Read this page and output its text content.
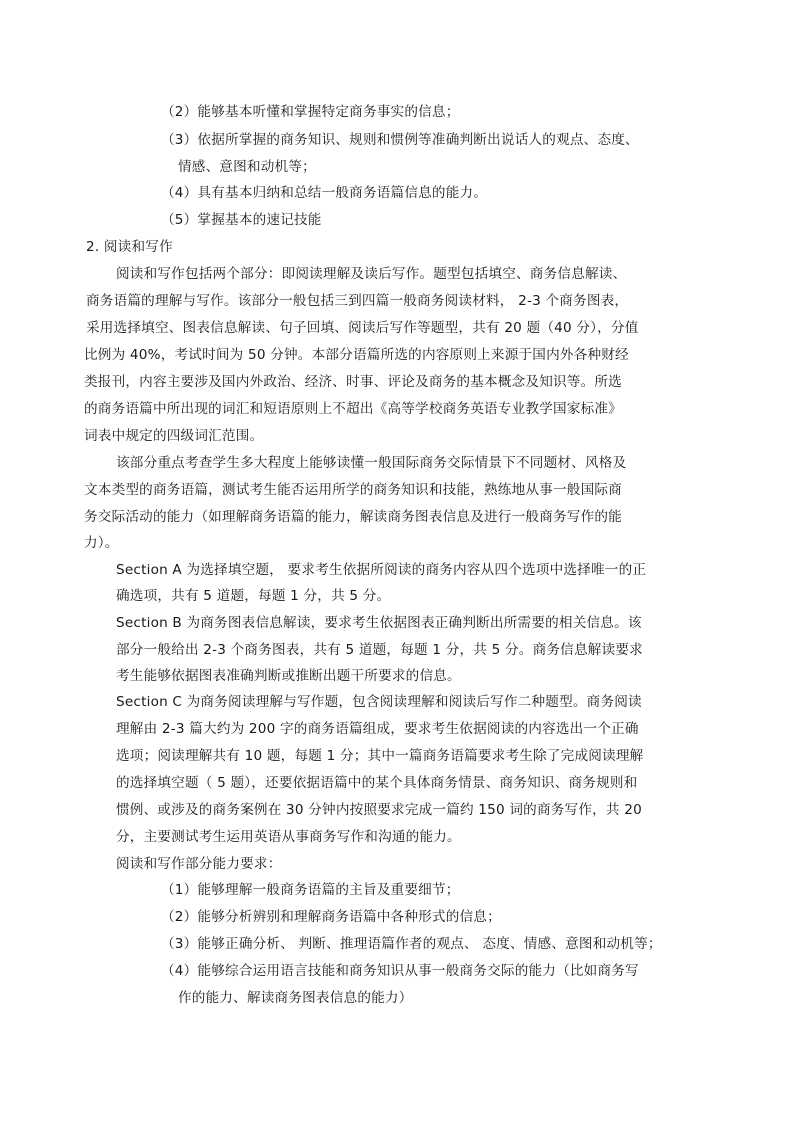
（2）能够基本听懂和掌握特定商务事实的信息；
（3）依据所掌握的商务知识、规则和惯例等准确判断出说话人的观点、态度、
情感、意图和动机等；
（4）具有基本归纳和总结一般商务语篇信息的能力。
（5）掌握基本的速记技能
2. 阅读和写作
阅读和写作包括两个部分：即阅读理解及读后写作。题型包括填空、商务信息解读、
商务语篇的理解与写作。该部分一般包括三到四篇一般商务阅读材料， 2-3 个商务图表，
采用选择填空、图表信息解读、句子回填、阅读后写作等题型，共有 20 题（40 分），分值
比例为 40%，考试时间为 50 分钟。本部分语篇所选的内容原则上来源于国内外各种财经
类报刊，内容主要涉及国内外政治、经济、时事、评论及商务的基本概念及知识等。所选
的商务语篇中所出现的词汇和短语原则上不超出《高等学校商务英语专业教学国家标准》
词表中规定的四级词汇范围。
该部分重点考查学生多大程度上能够读懂一般国际商务交际情景下不同题材、风格及
文本类型的商务语篇，测试考生能否运用所学的商务知识和技能，熟练地从事一般国际商
务交际活动的能力（如理解商务语篇的能力，解读商务图表信息及进行一般商务写作的能
力）。
Section A 为选择填空题， 要求考生依据所阅读的商务内容从四个选项中选择唯一的正
确选项，共有 5 道题，每题 1 分，共 5 分。
Section B 为商务图表信息解读，要求考生依据图表正确判断出所需要的相关信息。该
部分一般给出 2-3 个商务图表，共有 5 道题，每题 1 分，共 5 分。商务信息解读要求
考生能够依据图表准确判断或推断出题干所要求的信息。
Section C 为商务阅读理解与写作题，包含阅读理解和阅读后写作二种题型。商务阅读
理解由 2-3 篇大约为 200 字的商务语篇组成，要求考生依据阅读的内容选出一个正确
选项；阅读理解共有 10 题，每题 1 分；其中一篇商务语篇要求考生除了完成阅读理解
的选择填空题（ 5 题），还要依据语篇中的某个具体商务情景、商务知识、商务规则和
惯例、或涉及的商务案例在 30 分钟内按照要求完成一篇约 150 词的商务写作，共 20
分，主要测试考生运用英语从事商务写作和沟通的能力。
阅读和写作部分能力要求：
（1）能够理解一般商务语篇的主旨及重要细节；
（2）能够分析辨别和理解商务语篇中各种形式的信息；
（3）能够正确分析、 判断、推理语篇作者的观点、 态度、情感、意图和动机等；
（4）能够综合运用语言技能和商务知识从事一般商务交际的能力（比如商务写
作的能力、解读商务图表信息的能力）
